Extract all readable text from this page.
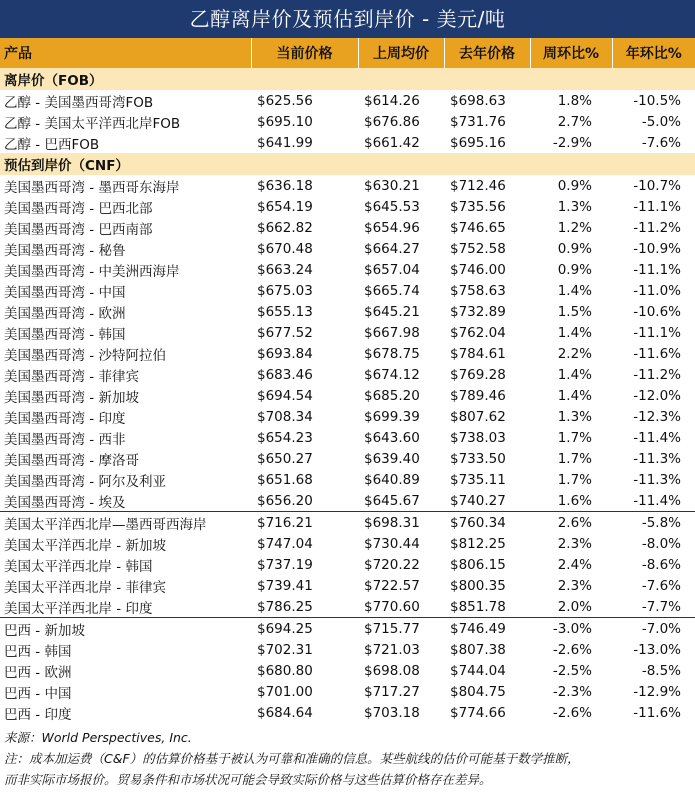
乙醇离岸价及预估到岸价 - 美元/吨
产品	当前价格	上周均价	去年价格	周环比%	年环比%
离岸价（FOB）					
乙醇 - 美国墨西哥湾FOB	$625.56	$614.26	$698.63	1.8%	-10.5%
乙醇 - 美国太平洋西北岸FOB	$695.10	$676.86	$731.76	2.7%	-5.0%
乙醇 - 巴西FOB	$641.99	$661.42	$695.16	-2.9%	-7.6%
预估到岸价（CNF）					
美国墨西哥湾 - 墨西哥东海岸	$636.18	$630.21	$712.46	0.9%	-10.7%
美国墨西哥湾 - 巴西北部	$654.19	$645.53	$735.56	1.3%	-11.1%
美国墨西哥湾 - 巴西南部	$662.82	$654.96	$746.65	1.2%	-11.2%
美国墨西哥湾 - 秘鲁	$670.48	$664.27	$752.58	0.9%	-10.9%
美国墨西哥湾 - 中美洲西海岸	$663.24	$657.04	$746.00	0.9%	-11.1%
美国墨西哥湾 - 中国	$675.03	$665.74	$758.63	1.4%	-11.0%
美国墨西哥湾 - 欧洲	$655.13	$645.21	$732.89	1.5%	-10.6%
美国墨西哥湾 - 韩国	$677.52	$667.98	$762.04	1.4%	-11.1%
美国墨西哥湾 - 沙特阿拉伯	$693.84	$678.75	$784.61	2.2%	-11.6%
美国墨西哥湾 - 菲律宾	$683.46	$674.12	$769.28	1.4%	-11.2%
美国墨西哥湾 - 新加坡	$694.54	$685.20	$789.46	1.4%	-12.0%
美国墨西哥湾 - 印度	$708.34	$699.39	$807.62	1.3%	-12.3%
美国墨西哥湾 - 西非	$654.23	$643.60	$738.03	1.7%	-11.4%
美国墨西哥湾 - 摩洛哥	$650.27	$639.40	$733.50	1.7%	-11.3%
美国墨西哥湾 - 阿尔及利亚	$651.68	$640.89	$735.11	1.7%	-11.3%
美国墨西哥湾 - 埃及	$656.20	$645.67	$740.27	1.6%	-11.4%
美国太平洋西北岸—墨西哥西海岸	$716.21	$698.31	$760.34	2.6%	-5.8%
美国太平洋西北岸 - 新加坡	$747.04	$730.44	$812.25	2.3%	-8.0%
美国太平洋西北岸 - 韩国	$737.19	$720.22	$806.15	2.4%	-8.6%
美国太平洋西北岸 - 菲律宾	$739.41	$722.57	$800.35	2.3%	-7.6%
美国太平洋西北岸 - 印度	$786.25	$770.60	$851.78	2.0%	-7.7%
巴西 - 新加坡	$694.25	$715.77	$746.49	-3.0%	-7.0%
巴西 - 韩国	$702.31	$721.03	$807.38	-2.6%	-13.0%
巴西 - 欧洲	$680.80	$698.08	$744.04	-2.5%	-8.5%
巴西 - 中国	$701.00	$717.27	$804.75	-2.3%	-12.9%
巴西 - 印度	$684.64	$703.18	$774.66	-2.6%	-11.6%
来源：World Perspectives, Inc.
注：成本加运费（C&F）的估算价格基于被认为可靠和准确的信息。某些航线的估价可能基于数学推断，
而非实际市场报价。贸易条件和市场状况可能会导致实际价格与这些估算价格存在差异。
